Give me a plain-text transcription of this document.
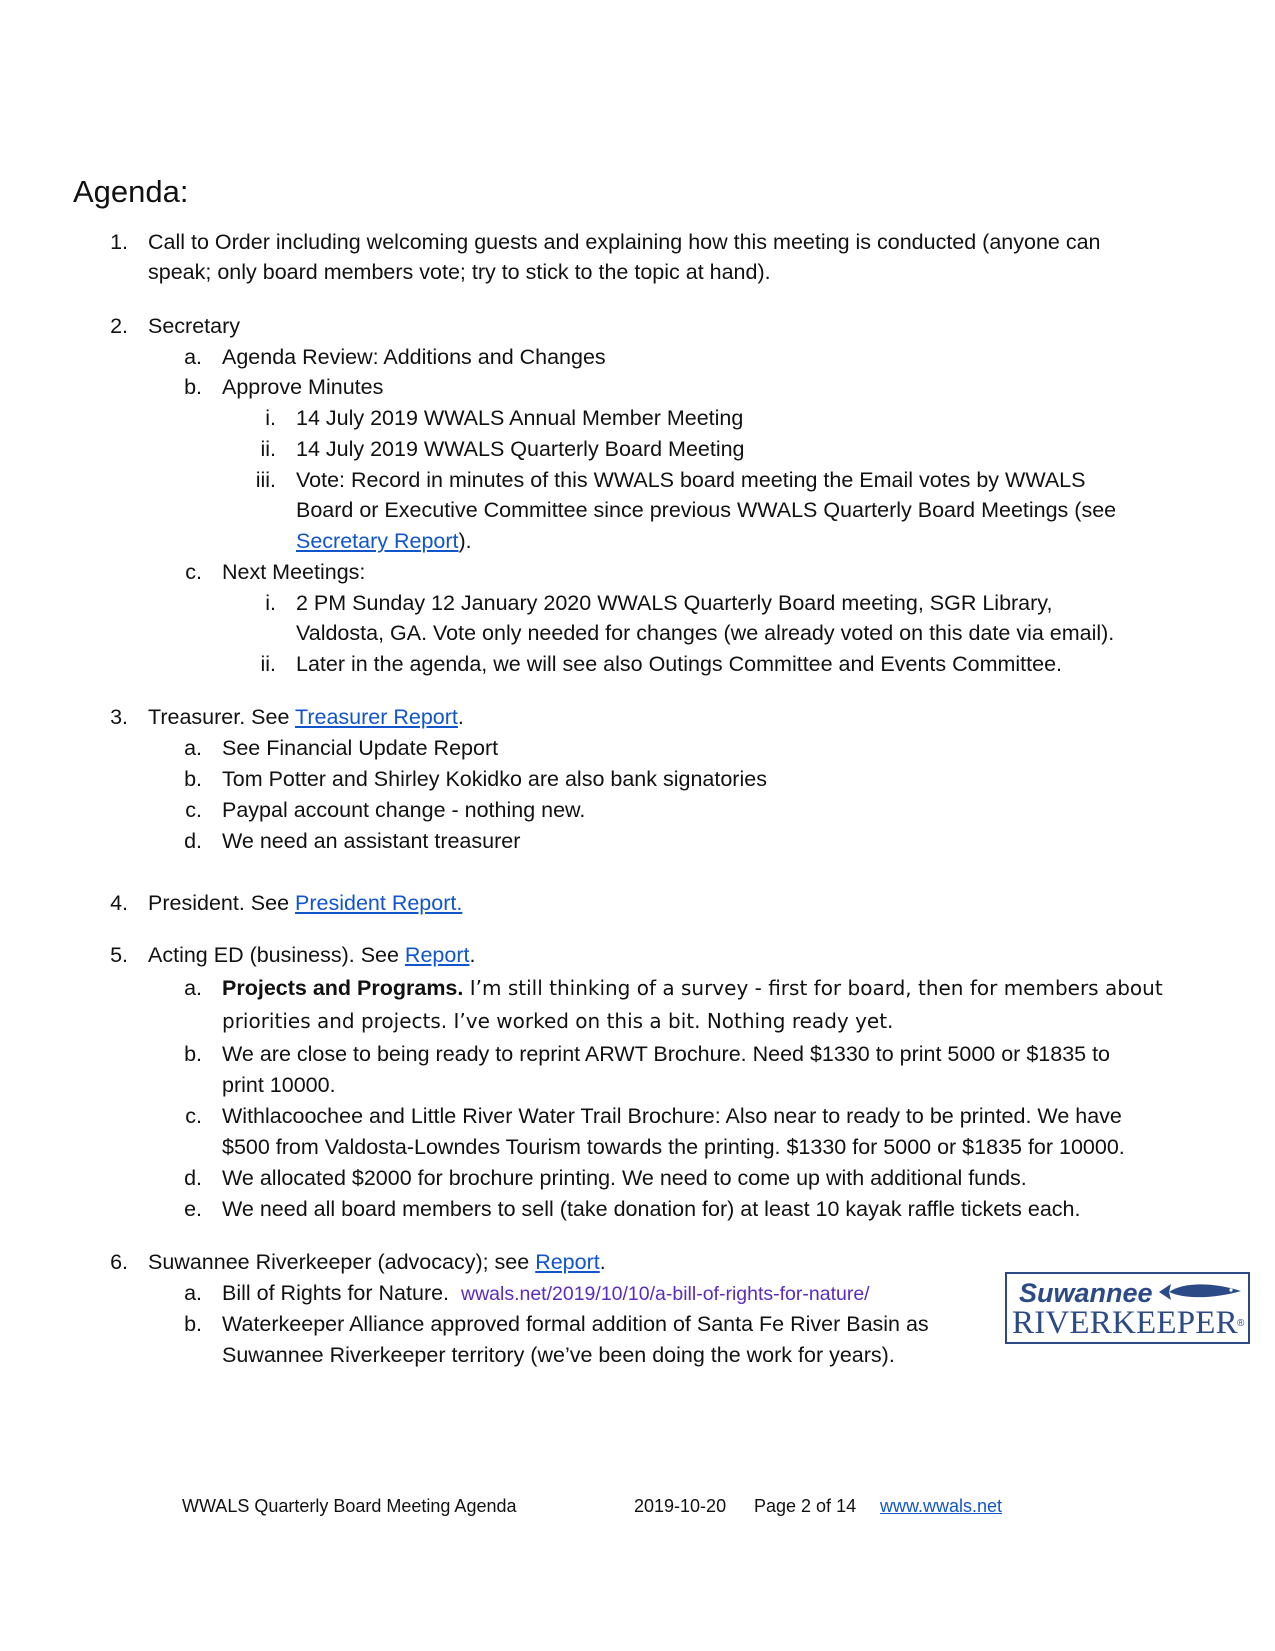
Agenda:
1. Call to Order including welcoming guests and explaining how this meeting is conducted (anyone can
speak; only board members vote; try to stick to the topic at hand).
2. Secretary
a. Agenda Review: Additions and Changes
b. Approve Minutes
i. 14 July 2019 WWALS Annual Member Meeting
ii. 14 July 2019 WWALS Quarterly Board Meeting
iii. Vote: Record in minutes of this WWALS board meeting the Email votes by WWALS
Board or Executive Committee since previous WWALS Quarterly Board Meetings (see
Secretary Report).
c. Next Meetings:
i. 2 PM Sunday 12 January 2020 WWALS Quarterly Board meeting, SGR Library,
Valdosta, GA. Vote only needed for changes (we already voted on this date via email).
ii. Later in the agenda, we will see also Outings Committee and Events Committee.
3. Treasurer. See Treasurer Report.
a. See Financial Update Report
b. Tom Potter and Shirley Kokidko are also bank signatories
c. Paypal account change - nothing new.
d. We need an assistant treasurer
4. President. See President Report.
5. Acting ED (business). See Report.
a. Projects and Programs. I’m still thinking of a survey - first for board, then for members about
priorities and projects. I’ve worked on this a bit. Nothing ready yet.
b. We are close to being ready to reprint ARWT Brochure. Need $1330 to print 5000 or $1835 to
print 10000.
c. Withlacoochee and Little River Water Trail Brochure: Also near to ready to be printed. We have
$500 from Valdosta-Lowndes Tourism towards the printing. $1330 for 5000 or $1835 for 10000.
d. We allocated $2000 for brochure printing. We need to come up with additional funds.
e. We need all board members to sell (take donation for) at least 10 kayak raffle tickets each.
6. Suwannee Riverkeeper (advocacy); see Report.
a. Bill of Rights for Nature. wwals.net/2019/10/10/a-bill-of-rights-for-nature/
b. Waterkeeper Alliance approved formal addition of Santa Fe River Basin as
Suwannee Riverkeeper territory (we’ve been doing the work for years).
Suwannee
RIVERKEEPER ®
WWALS Quarterly Board Meeting Agenda	2019-10-20 Page 2 of 14 www.wwals.net
